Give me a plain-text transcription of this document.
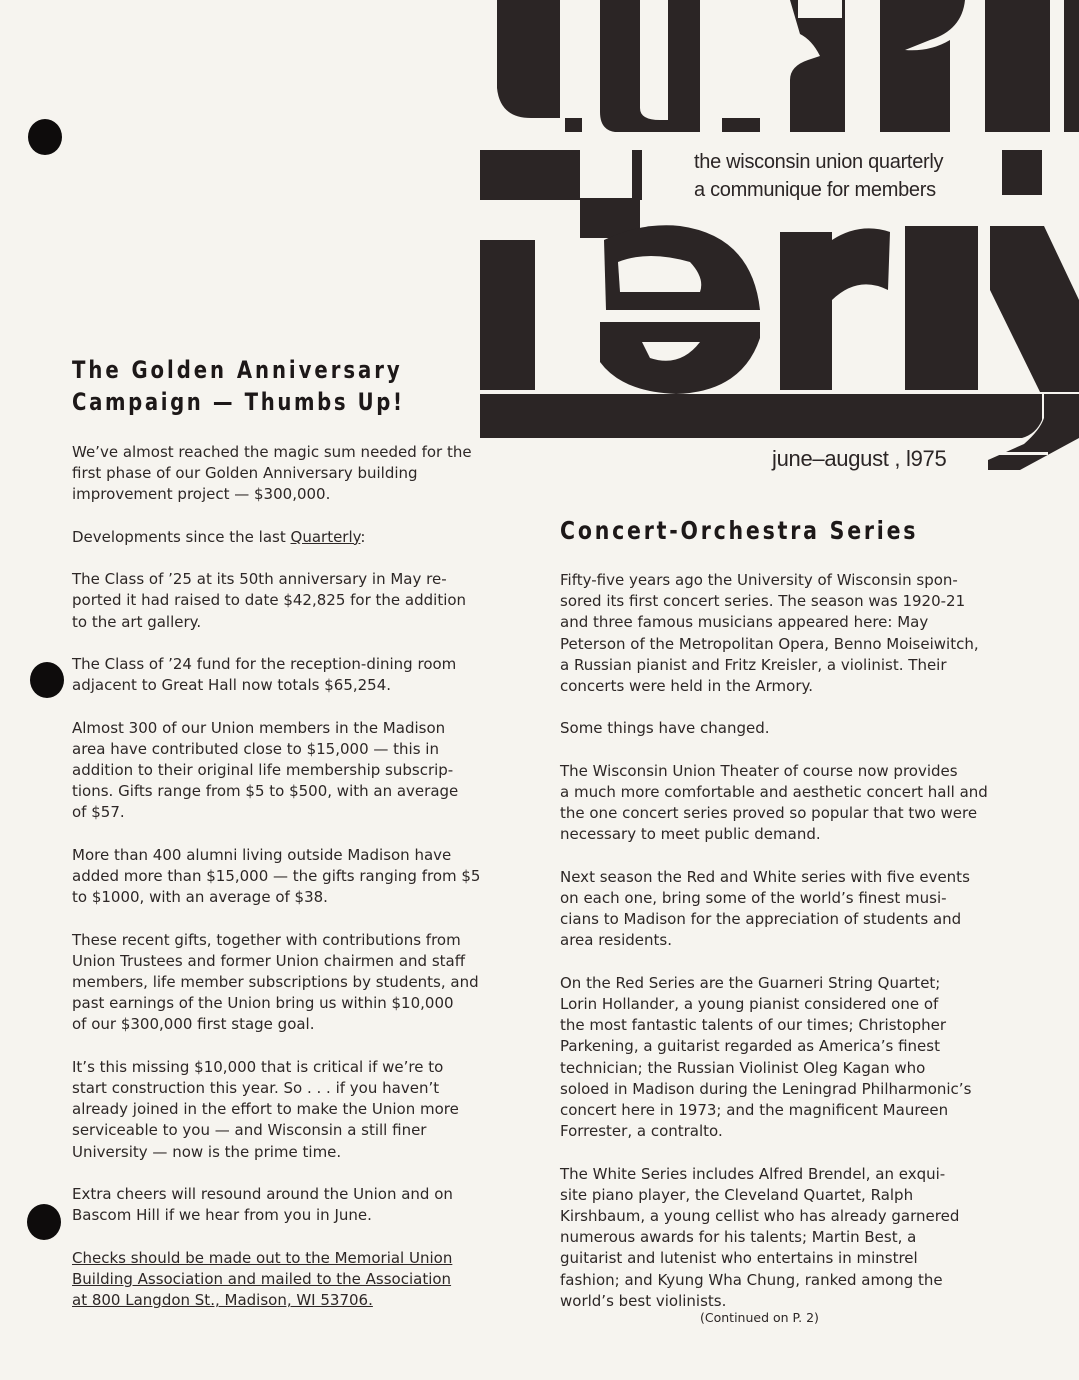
the wisconsin union quarterly
a communique for members
june–august , l975
The Golden Anniversary
Campaign — Thumbs Up!

We’ve almost reached the magic sum needed for the
first phase of our Golden Anniversary building
improvement project — $300,000.

Developments since the last Quarterly:

The Class of ’25 at its 50th anniversary in May re-
ported it had raised to date $42,825 for the addition
to the art gallery.

The Class of ’24 fund for the reception-dining room
adjacent to Great Hall now totals $65,254.

Almost 300 of our Union members in the Madison
area have contributed close to $15,000 — this in
addition to their original life membership subscrip-
tions. Gifts range from $5 to $500, with an average
of $57.

More than 400 alumni living outside Madison have
added more than $15,000 — the gifts ranging from $5
to $1000, with an average of $38.

These recent gifts, together with contributions from
Union Trustees and former Union chairmen and staff
members, life member subscriptions by students, and
past earnings of the Union bring us within $10,000
of our $300,000 first stage goal.

It’s this missing $10,000 that is critical if we’re to
start construction this year. So . . . if you haven’t
already joined in the effort to make the Union more
serviceable to you — and Wisconsin a still finer
University — now is the prime time.

Extra cheers will resound around the Union and on
Bascom Hill if we hear from you in June.

Checks should be made out to the Memorial Union
Building Association and mailed to the Association
at 800 Langdon St., Madison, WI 53706.

Concert-Orchestra Series

Fifty-five years ago the University of Wisconsin spon-
sored its first concert series. The season was 1920-21
and three famous musicians appeared here: May
Peterson of the Metropolitan Opera, Benno Moiseiwitch,
a Russian pianist and Fritz Kreisler, a violinist. Their
concerts were held in the Armory.

Some things have changed.

The Wisconsin Union Theater of course now provides
a much more comfortable and aesthetic concert hall and
the one concert series proved so popular that two were
necessary to meet public demand.

Next season the Red and White series with five events
on each one, bring some of the world’s finest musi-
cians to Madison for the appreciation of students and
area residents.

On the Red Series are the Guarneri String Quartet;
Lorin Hollander, a young pianist considered one of
the most fantastic talents of our times; Christopher
Parkening, a guitarist regarded as America’s finest
technician; the Russian Violinist Oleg Kagan who
soloed in Madison during the Leningrad Philharmonic’s
concert here in 1973; and the magnificent Maureen
Forrester, a contralto.

The White Series includes Alfred Brendel, an exqui-
site piano player, the Cleveland Quartet, Ralph
Kirshbaum, a young cellist who has already garnered
numerous awards for his talents; Martin Best, a
guitarist and lutenist who entertains in minstrel
fashion; and Kyung Wha Chung, ranked among the
world’s best violinists.

(Continued on P. 2)
